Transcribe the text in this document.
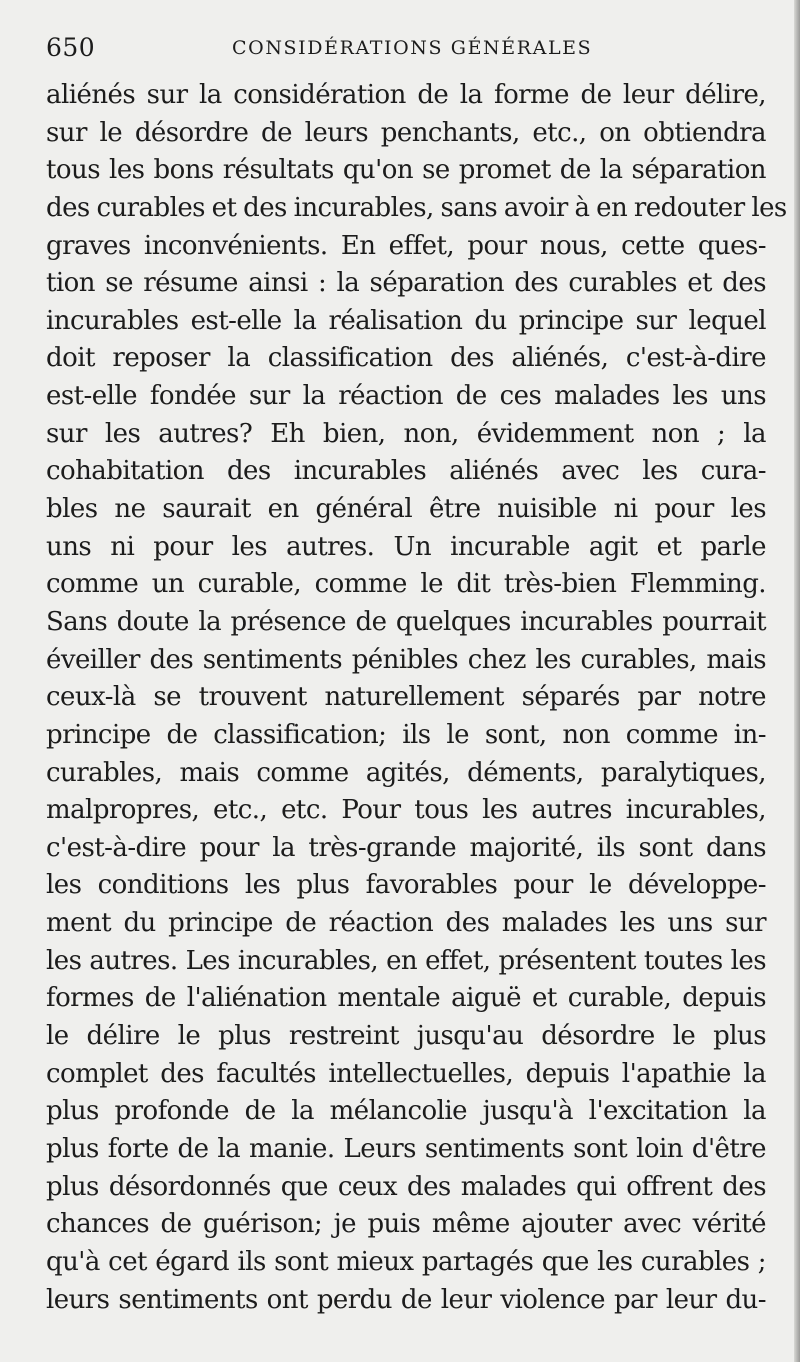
650	CONSIDÉRATIONS GÉNÉRALES
aliénés sur la considération de la forme de leur délire,
sur le désordre de leurs penchants, etc., on obtiendra
tous les bons résultats qu'on se promet de la séparation
des curables et des incurables, sans avoir à en redouter les
graves inconvénients. En effet, pour nous, cette ques-
tion se résume ainsi : la séparation des curables et des
incurables est-elle la réalisation du principe sur lequel
doit reposer la classification des aliénés, c'est-à-dire
est-elle fondée sur la réaction de ces malades les uns
sur les autres? Eh bien, non, évidemment non ; la
cohabitation des incurables aliénés avec les cura-
bles ne saurait en général être nuisible ni pour les
uns ni pour les autres. Un incurable agit et parle
comme un curable, comme le dit très-bien Flemming.
Sans doute la présence de quelques incurables pourrait
éveiller des sentiments pénibles chez les curables, mais
ceux-là se trouvent naturellement séparés par notre
principe de classification; ils le sont, non comme in-
curables, mais comme agités, déments, paralytiques,
malpropres, etc., etc. Pour tous les autres incurables,
c'est-à-dire pour la très-grande majorité, ils sont dans
les conditions les plus favorables pour le développe-
ment du principe de réaction des malades les uns sur
les autres. Les incurables, en effet, présentent toutes les
formes de l'aliénation mentale aiguë et curable, depuis
le délire le plus restreint jusqu'au désordre le plus
complet des facultés intellectuelles, depuis l'apathie la
plus profonde de la mélancolie jusqu'à l'excitation la
plus forte de la manie. Leurs sentiments sont loin d'être
plus désordonnés que ceux des malades qui offrent des
chances de guérison; je puis même ajouter avec vérité
qu'à cet égard ils sont mieux partagés que les curables ;
leurs sentiments ont perdu de leur violence par leur du-
